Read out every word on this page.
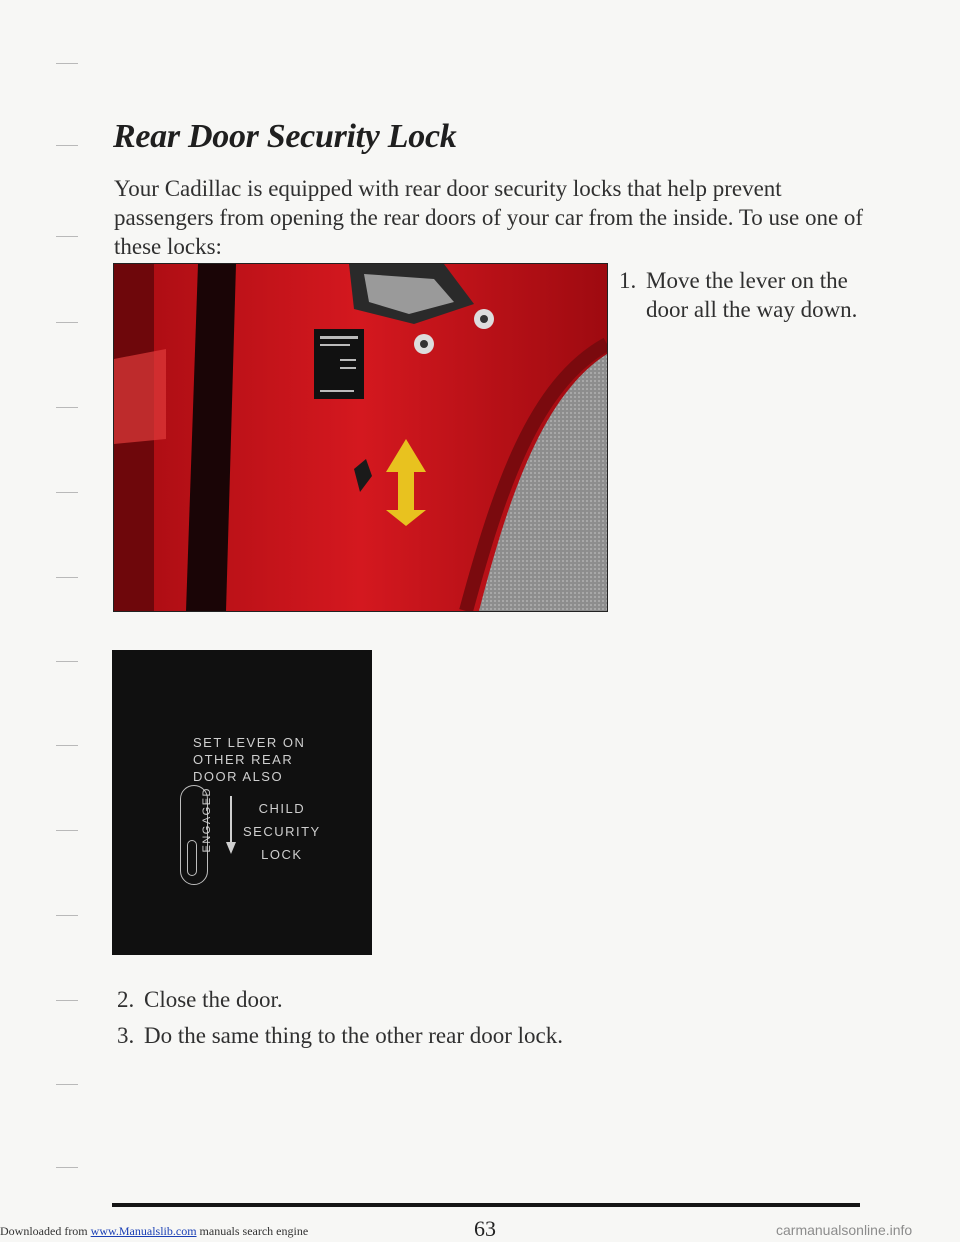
Rear Door Security Lock

Your Cadillac is equipped with rear door security locks that help prevent passengers from opening the rear doors of your car from the inside. To use one of these locks:

1. Move the lever on the door all the way down.
SET LEVER ON
OTHER REAR
DOOR ALSO
ENGAGED	CHILD
SECURITY
LOCK
2. Close the door.
3. Do the same thing to the other rear door lock.
Downloaded from www.Manualslib.com manuals search engine	63	carmanualsonline.info
